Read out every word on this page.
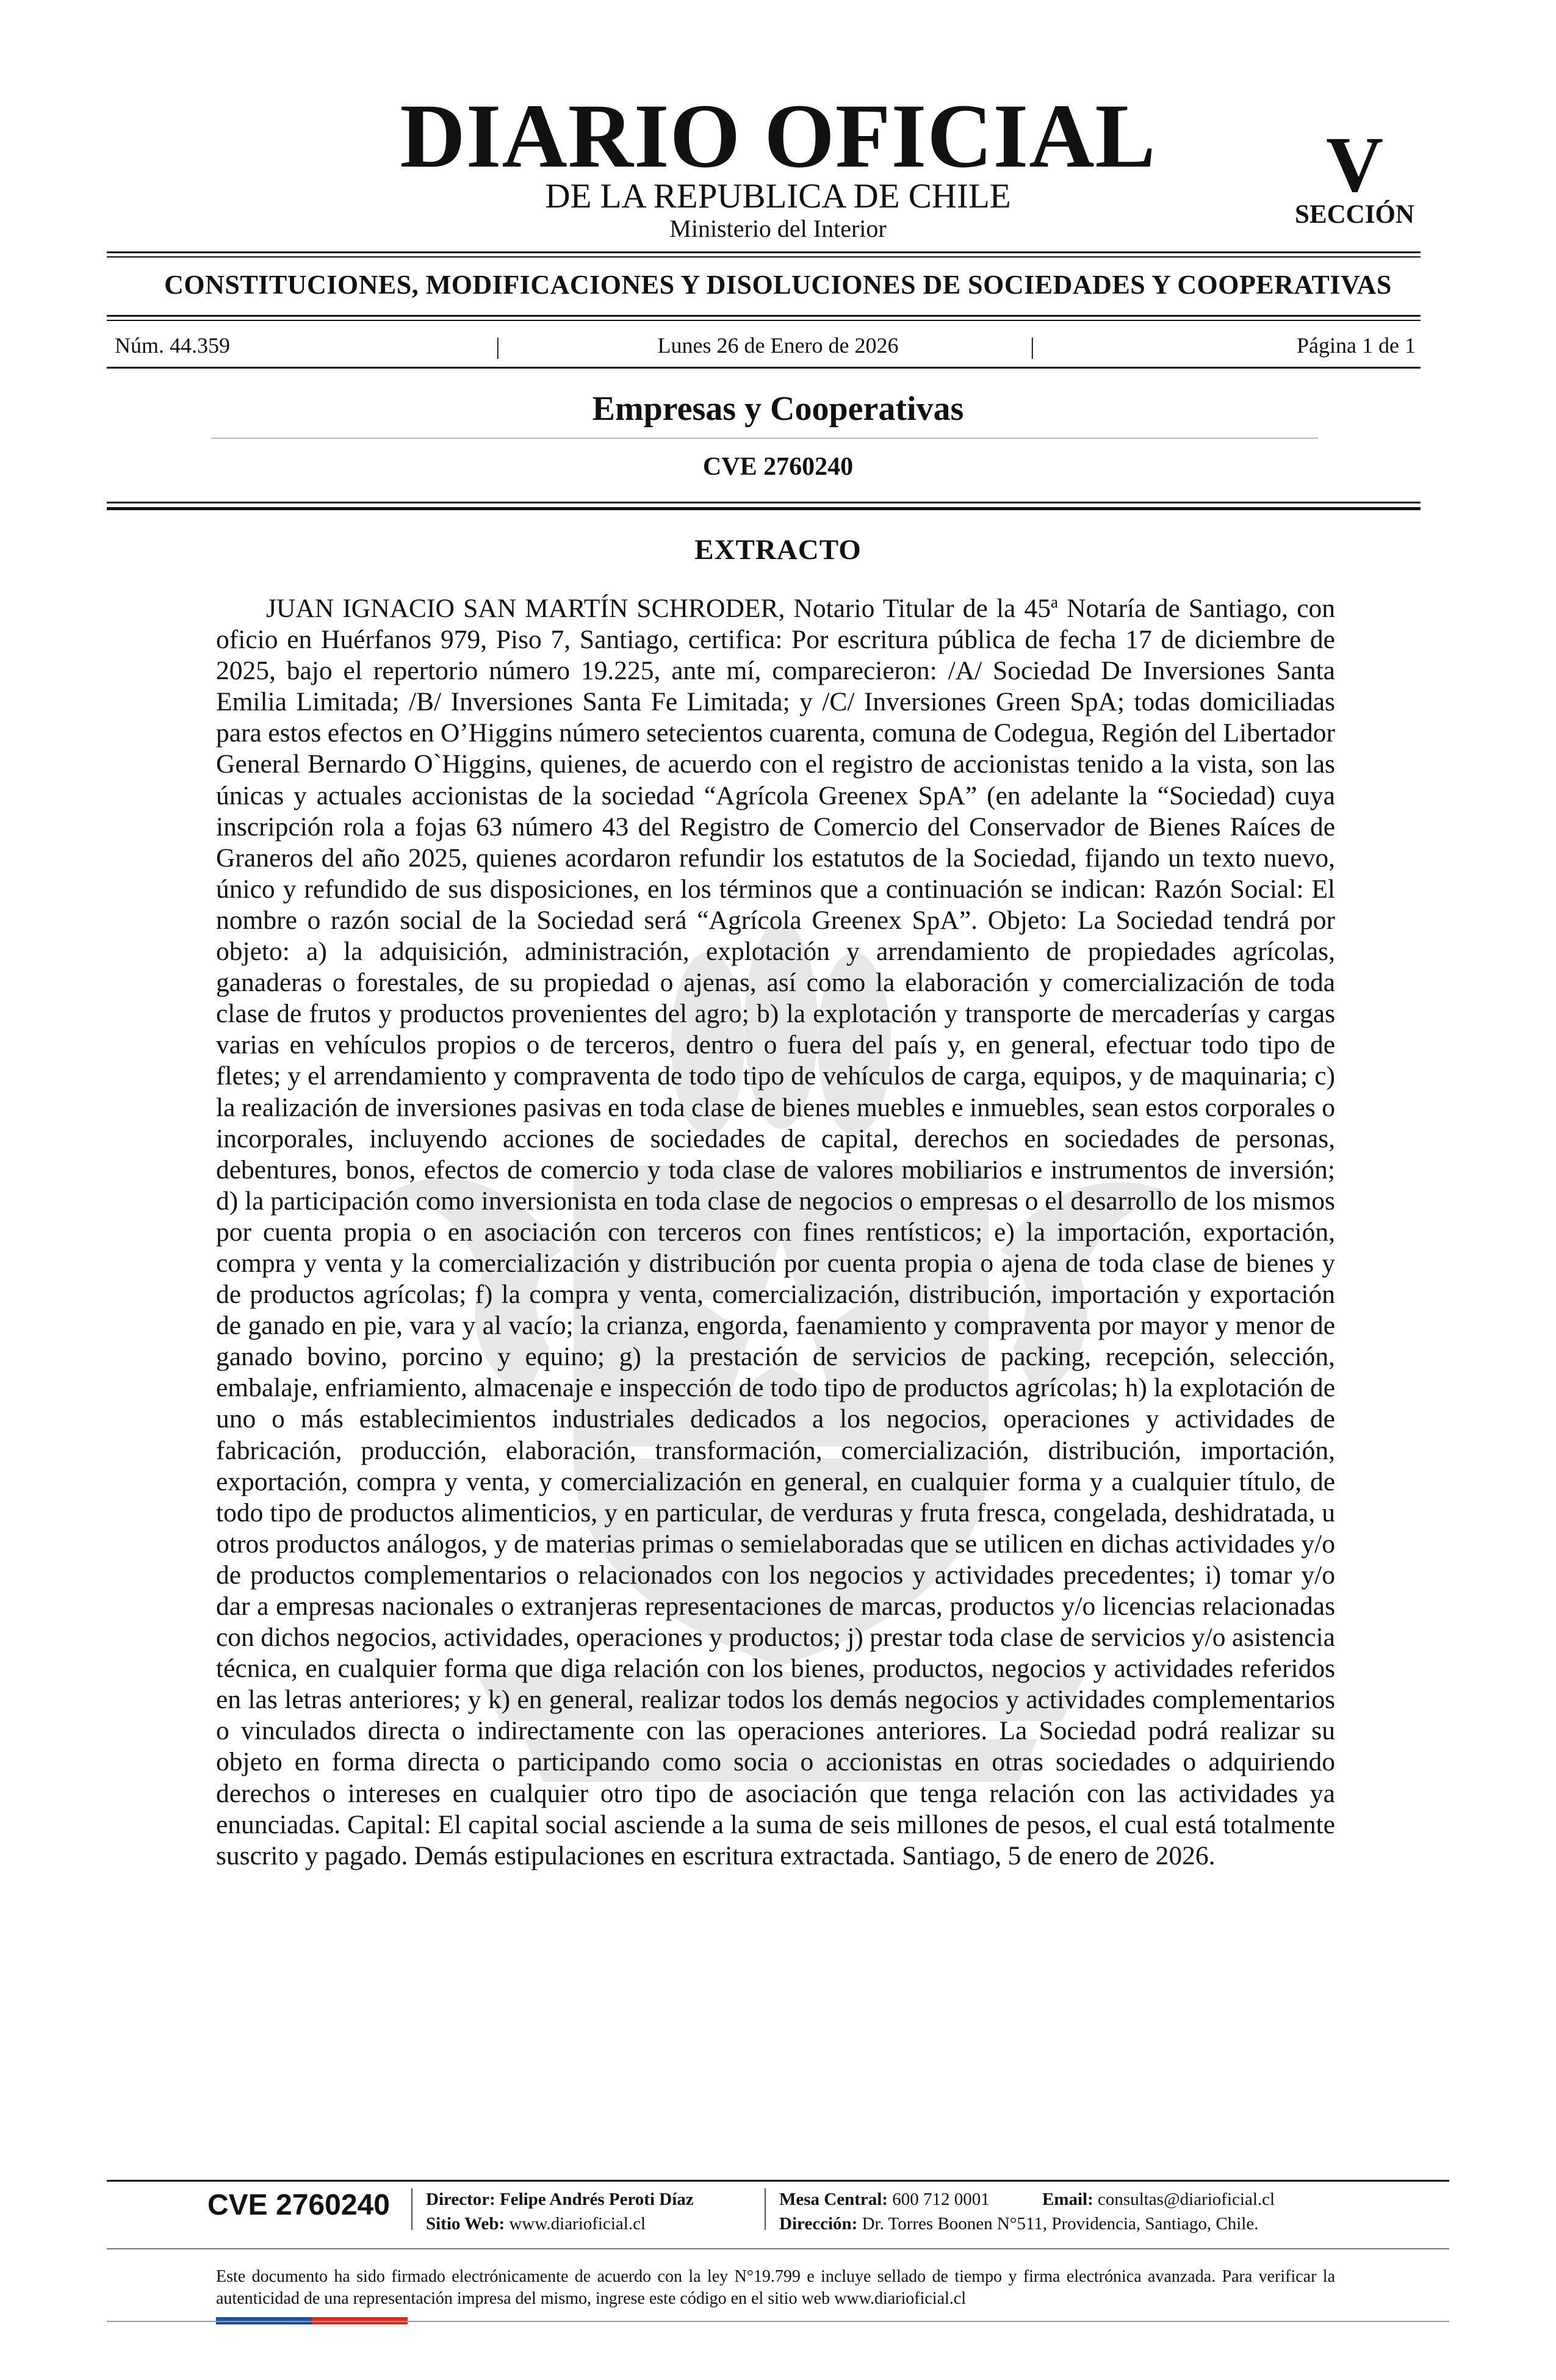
DIARIO OFICIAL
DE LA REPUBLICA DE CHILE
Ministerio del Interior
V
SECCIÓN
CONSTITUCIONES, MODIFICACIONES Y DISOLUCIONES DE SOCIEDADES Y COOPERATIVAS
Núm. 44.359	|	Lunes 26 de Enero de 2026	|	Página 1 de 1
Empresas y Cooperativas
CVE 2760240
EXTRACTO
JUAN IGNACIO SAN MARTÍN SCHRODER, Notario Titular de la 45$^a$ Notaría de Santiago, con oficio en Huérfanos 979, Piso 7, Santiago, certifica: Por escritura pública de fecha 17 de diciembre de 2025, bajo el repertorio número 19.225, ante mí, comparecieron: /A/ Sociedad De Inversiones Santa Emilia Limitada; /B/ Inversiones Santa Fe Limitada; y /C/ Inversiones Green SpA; todas domiciliadas para estos efectos en O’Higgins número setecientos cuarenta, comuna de Codegua, Región del Libertador General Bernardo O`Higgins, quienes, de acuerdo con el registro de accionistas tenido a la vista, son las únicas y actuales accionistas de la sociedad “Agrícola Greenex SpA” (en adelante la “Sociedad) cuya inscripción rola a fojas 63 número 43 del Registro de Comercio del Conservador de Bienes Raíces de Graneros del año 2025, quienes acordaron refundir los estatutos de la Sociedad, fijando un texto nuevo, único y refundido de sus disposiciones, en los términos que a continuación se indican: Razón Social: El nombre o razón social de la Sociedad será “Agrícola Greenex SpA”. Objeto: La Sociedad tendrá por objeto: a) la adquisición, administración, explotación y arrendamiento de propiedades agrícolas, ganaderas o forestales, de su propiedad o ajenas, así como la elaboración y comercialización de toda clase de frutos y productos provenientes del agro; b) la explotación y transporte de mercaderías y cargas varias en vehículos propios o de terceros, dentro o fuera del país y, en general, efectuar todo tipo de fletes; y el arrendamiento y compraventa de todo tipo de vehículos de carga, equipos, y de maquinaria; c) la realización de inversiones pasivas en toda clase de bienes muebles e inmuebles, sean estos corporales o incorporales, incluyendo acciones de sociedades de capital, derechos en sociedades de personas, debentures, bonos, efectos de comercio y toda clase de valores mobiliarios e instrumentos de inversión; d) la participación como inversionista en toda clase de negocios o empresas o el desarrollo de los mismos por cuenta propia o en asociación con terceros con fines rentísticos; e) la importación, exportación, compra y venta y la comercialización y distribución por cuenta propia o ajena de toda clase de bienes y de productos agrícolas; f) la compra y venta, comercialización, distribución, importación y exportación de ganado en pie, vara y al vacío; la crianza, engorda, faenamiento y compraventa por mayor y menor de ganado bovino, porcino y equino; g) la prestación de servicios de packing, recepción, selección, embalaje, enfriamiento, almacenaje e inspección de todo tipo de productos agrícolas; h) la explotación de uno o más establecimientos industriales dedicados a los negocios, operaciones y actividades de fabricación, producción, elaboración, transformación, comercialización, distribución, importación, exportación, compra y venta, y comercialización en general, en cualquier forma y a cualquier título, de todo tipo de productos alimenticios, y en particular, de verduras y fruta fresca, congelada, deshidratada, u otros productos análogos, y de materias primas o semielaboradas que se utilicen en dichas actividades y/o de productos complementarios o relacionados con los negocios y actividades precedentes; i) tomar y/o dar a empresas nacionales o extranjeras representaciones de marcas, productos y/o licencias relacionadas con dichos negocios, actividades, operaciones y productos; j) prestar toda clase de servicios y/o asistencia técnica, en cualquier forma que diga relación con los bienes, productos, negocios y actividades referidos en las letras anteriores; y k) en general, realizar todos los demás negocios y actividades complementarios o vinculados directa o indirectamente con las operaciones anteriores. La Sociedad podrá realizar su objeto en forma directa o participando como socia o accionistas en otras sociedades o adquiriendo derechos o intereses en cualquier otro tipo de asociación que tenga relación con las actividades ya enunciadas. Capital: El capital social asciende a la suma de seis millones de pesos, el cual está totalmente suscrito y pagado. Demás estipulaciones en escritura extractada. Santiago, 5 de enero de 2026.
CVE 2760240 Director: Felipe Andrés Peroti Díaz
Sitio Web: www.diarioficial.cl
Mesa Central: 600 712 0001	Email: consultas@diarioficial.cl
Dirección: Dr. Torres Boonen N°511, Providencia, Santiago, Chile.
Este documento ha sido firmado electrónicamente de acuerdo con la ley N°19.799 e incluye sellado de tiempo y firma electrónica avanzada. Para verificar la autenticidad de una representación impresa del mismo, ingrese este código en el sitio web www.diarioficial.cl
